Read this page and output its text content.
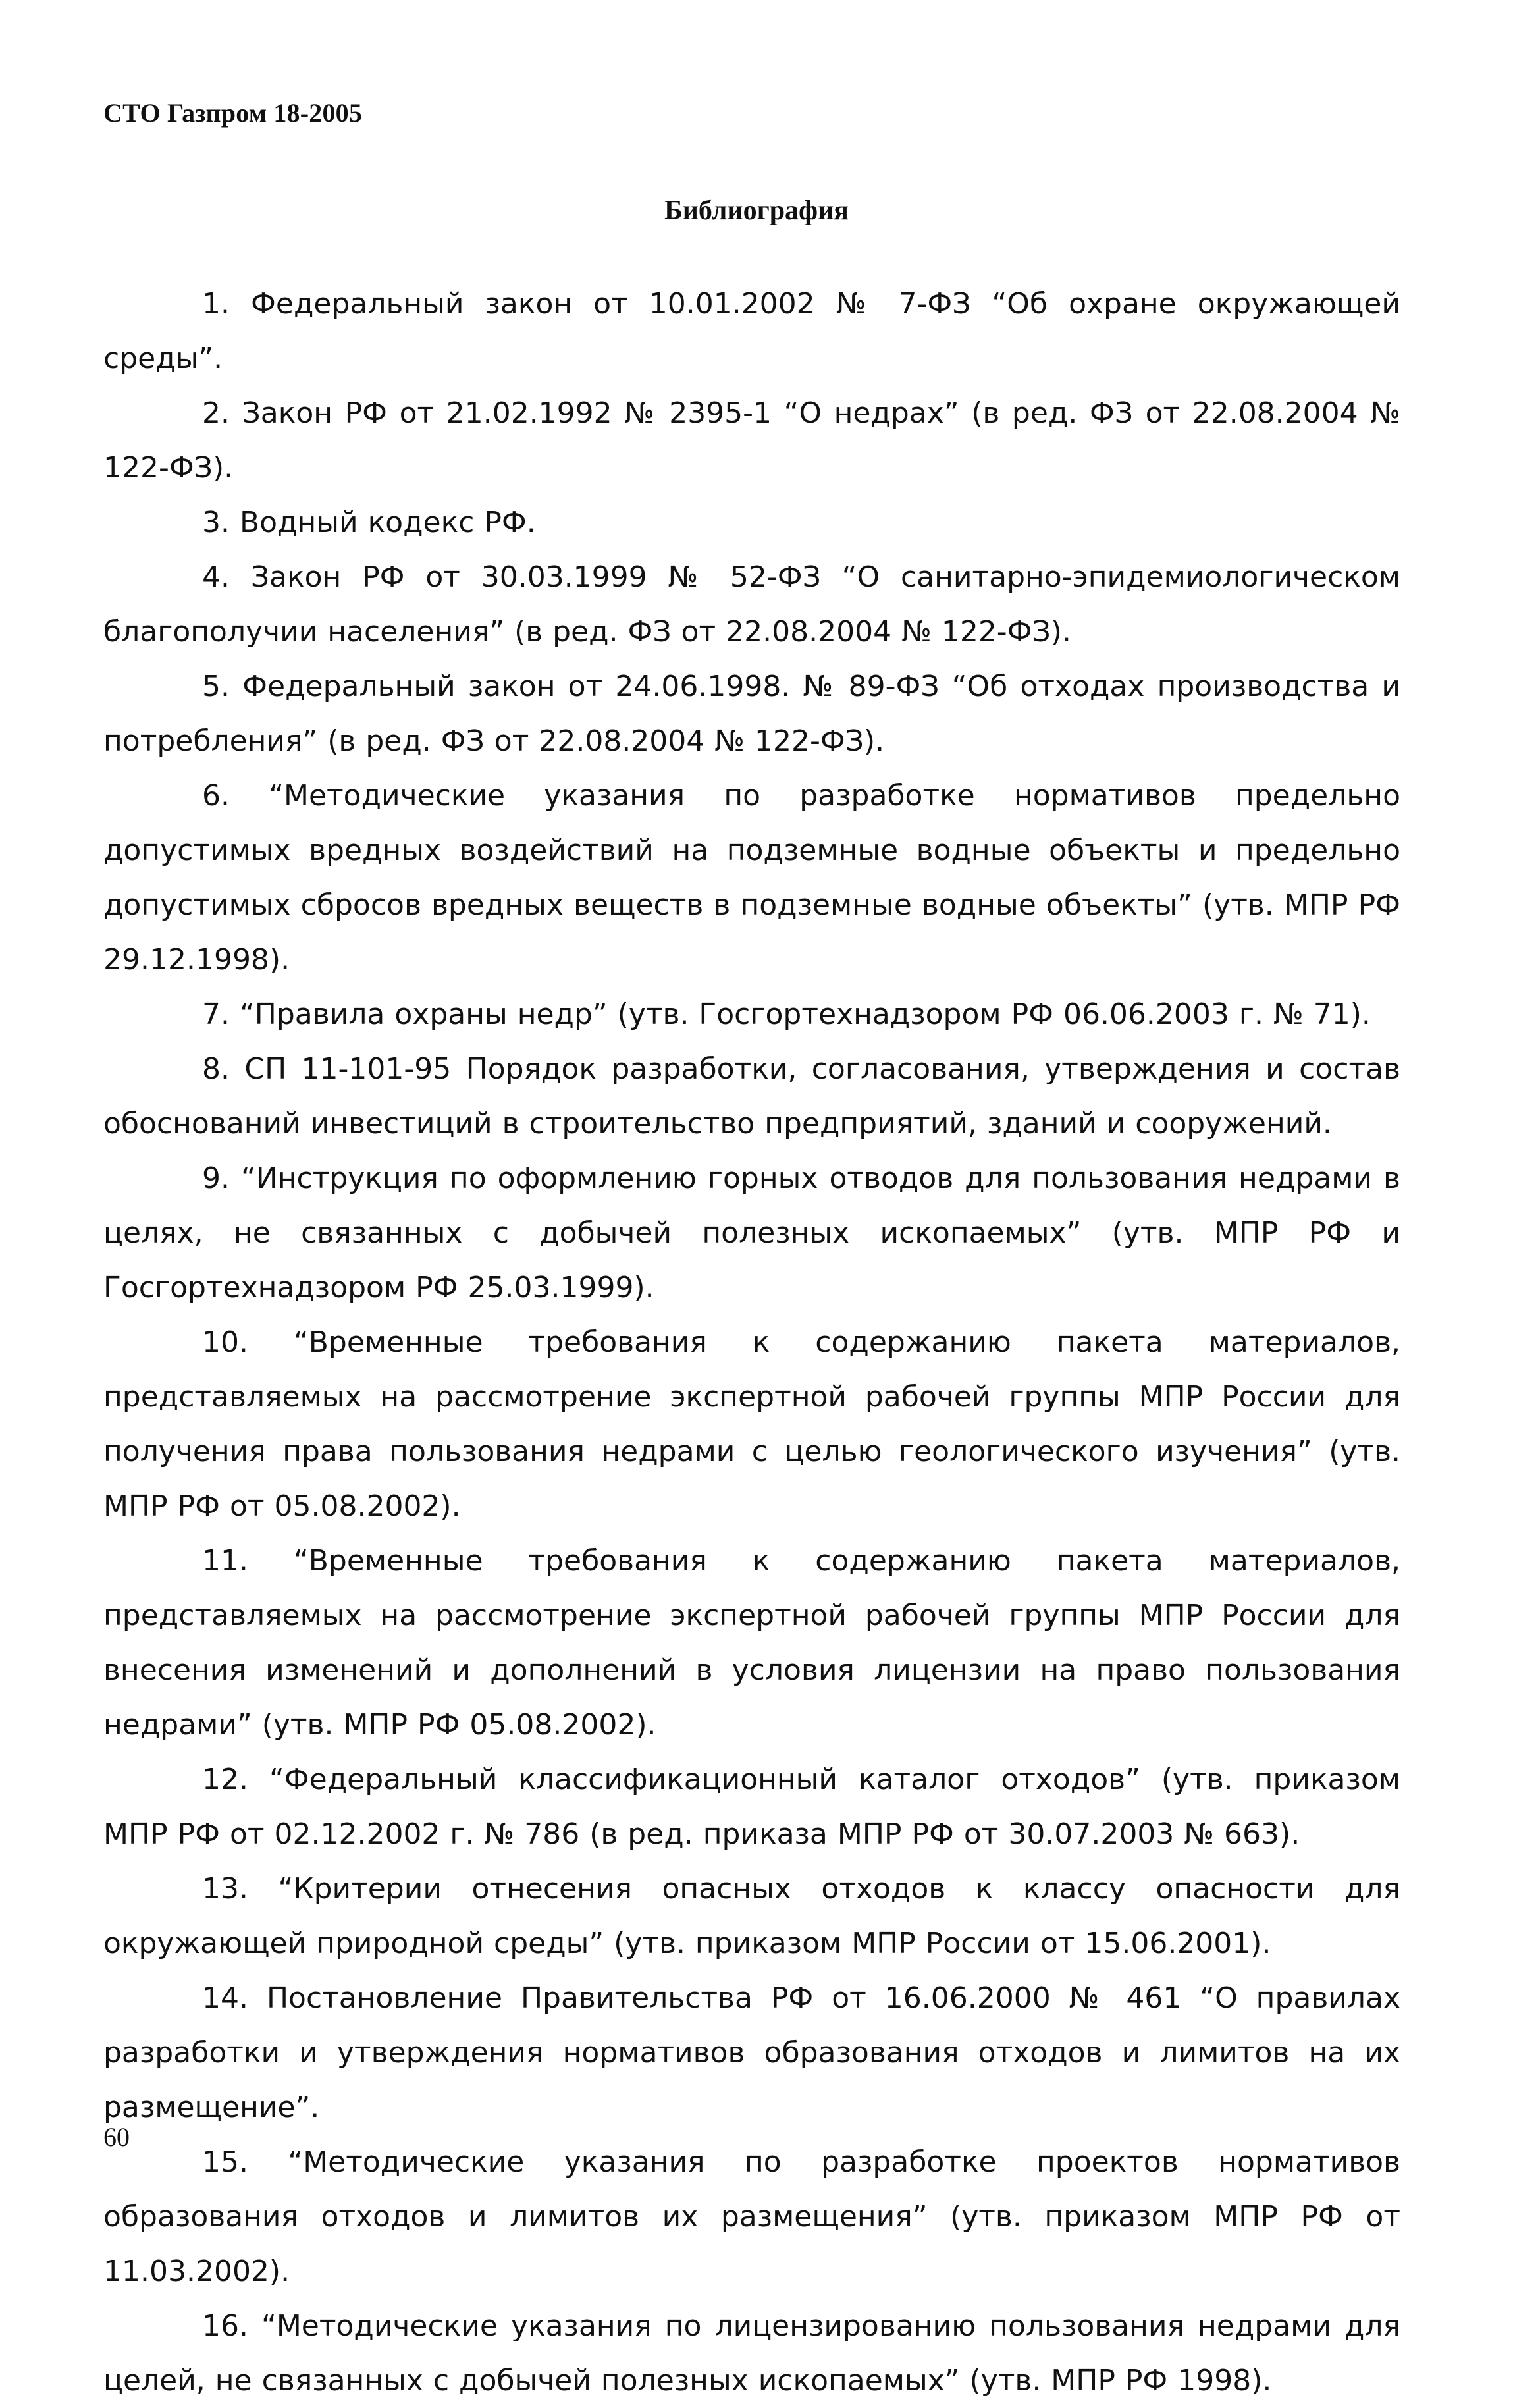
СТО Газпром 18-2005
Библиография

1. Федеральный закон от 10.01.2002 № 7-ФЗ “Об охране окружающей среды”.

2. Закон РФ от 21.02.1992 № 2395-1 “О недрах” (в ред. ФЗ от 22.08.2004 № 122-ФЗ).

3. Водный кодекс РФ.

4. Закон РФ от 30.03.1999 № 52-ФЗ “О санитарно-эпидемиологическом благополучии населения” (в ред. ФЗ от 22.08.2004 № 122-ФЗ).

5. Федеральный закон от 24.06.1998. № 89-ФЗ “Об отходах производства и потребления” (в ред. ФЗ от 22.08.2004 № 122-ФЗ).

6. “Методические указания по разработке нормативов предельно допустимых вредных воздействий на подземные водные объекты и предельно допустимых сбросов вредных веществ в подземные водные объекты” (утв. МПР РФ 29.12.1998).

7. “Правила охраны недр” (утв. Госгортехнадзором РФ 06.06.2003 г. № 71).

8. СП 11-101-95 Порядок разработки, согласования, утверждения и состав обоснований инвестиций в строительство предприятий, зданий и сооружений.

9. “Инструкция по оформлению горных отводов для пользования недрами в целях, не связанных с добычей полезных ископаемых” (утв. МПР РФ и Госгортехнадзором РФ 25.03.1999).

10. “Временные требования к содержанию пакета материалов, представляемых на рассмотрение экспертной рабочей группы МПР России для получения права пользования недрами с целью геологического изучения” (утв. МПР РФ от 05.08.2002).

11. “Временные требования к содержанию пакета материалов, представляемых на рассмотрение экспертной рабочей группы МПР России для внесения изменений и дополнений в условия лицензии на право пользования недрами” (утв. МПР РФ 05.08.2002).

12. “Федеральный классификационный каталог отходов” (утв. приказом МПР РФ от 02.12.2002 г. № 786 (в ред. приказа МПР РФ от 30.07.2003 № 663).

13. “Критерии отнесения опасных отходов к классу опасности для окружающей природной среды” (утв. приказом МПР России от 15.06.2001).

14. Постановление Правительства РФ от 16.06.2000 № 461 “О правилах разработки и утверждения нормативов образования отходов и лимитов на их размещение”.

15. “Методические указания по разработке проектов нормативов образования отходов и лимитов их размещения” (утв. приказом МПР РФ от 11.03.2002).

16. “Методические указания по лицензированию пользования недрами для целей, не связанных с добычей полезных ископаемых” (утв. МПР РФ 1998).

60
